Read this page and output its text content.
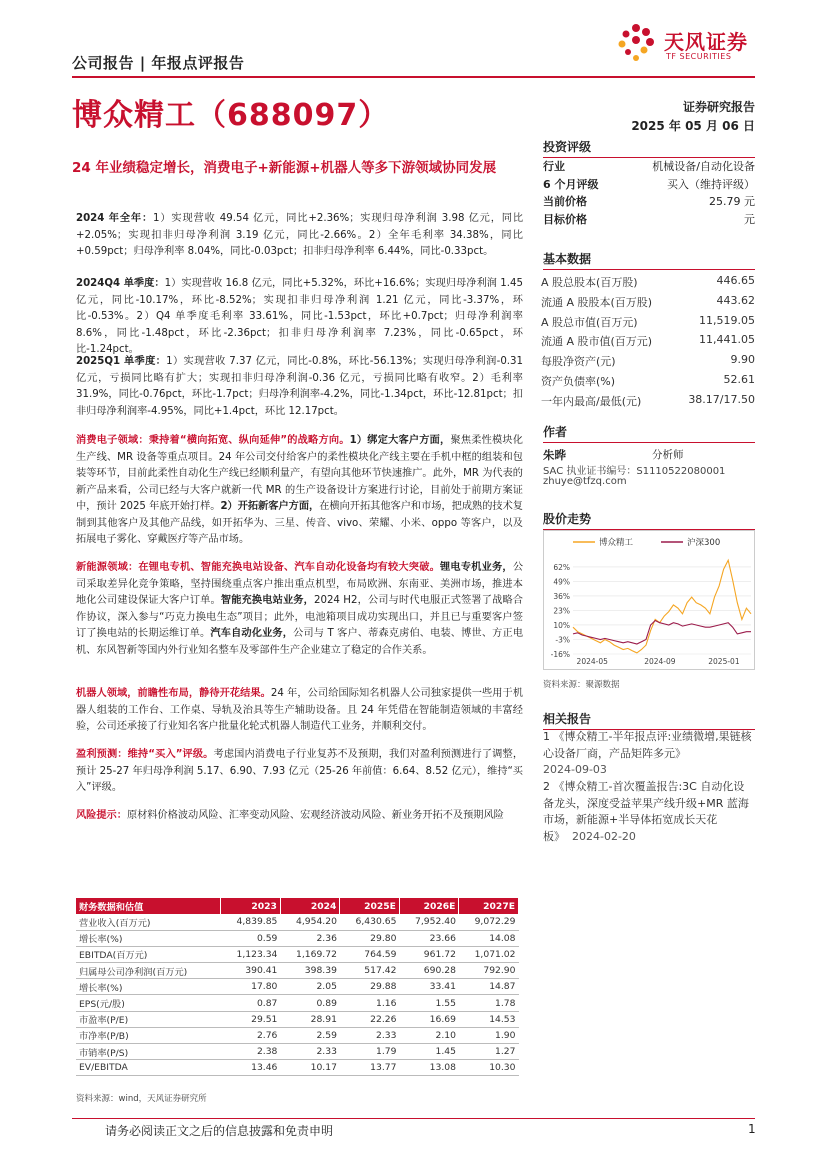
公司报告 | 年报点评报告
天风证券
TF SECURITIES
博众精工（688097）	证券研究报告
2025 年 05 月 06 日
24 年业绩稳定增长，消费电子+新能源+机器人等多下游领域协同发展
2024 年全年：1）实现营收 49.54 亿元，同比+2.36%；实现归母净利润 3.98 亿元，同比+2.05%；实现扣非归母净利润 3.19 亿元，同比-2.66%。2）全年毛利率 34.38%，同比+0.59pct；归母净利率 8.04%，同比-0.03pct；扣非归母净利率 6.44%，同比-0.33pct。
2024Q4 单季度：1）实现营收 16.8 亿元，同比+5.32%，环比+16.6%；实现归母净利润 1.45 亿元，同比-10.17%，环比-8.52%；实现扣非归母净利润 1.21 亿元，同比-3.37%，环比-0.53%。2）Q4 单季度毛利率 33.61%，同比-1.53pct，环比+0.7pct；归母净利润率 8.6%，同比-1.48pct，环比-2.36pct；扣非归母净利润率 7.23%，同比-0.65pct，环比-1.24pct。
2025Q1 单季度：1）实现营收 7.37 亿元，同比-0.8%，环比-56.13%；实现归母净利润-0.31 亿元，亏损同比略有扩大；实现扣非归母净利润-0.36 亿元，亏损同比略有收窄。2）毛利率 31.9%，同比-0.76pct，环比-1.7pct；归母净利润率-4.2%，同比-1.34pct，环比-12.81pct；扣非归母净利润率-4.95%，同比+1.4pct，环比 12.17pct。
消费电子领域：秉持着“横向拓宽、纵向延伸”的战略方向。1）绑定大客户方面，聚焦柔性模块化生产线、MR 设备等重点项目。24 年公司交付给客户的柔性模块化产线主要在手机中框的组装和包装等环节，目前此柔性自动化生产线已经顺利量产，有望向其他环节快速推广。此外，MR 为代表的新产品来看，公司已经与大客户就新一代 MR 的生产设备设计方案进行讨论，目前处于前期方案证中，预计 2025 年底开始打样。2）开拓新客户方面，在横向开拓其他客户和市场，把成熟的技术复制到其他客户及其他产品线，如开拓华为、三星、传音、vivo、荣耀、小米、oppo 等客户，以及拓展电子雾化、穿戴医疗等产品市场。
新能源领域：在锂电专机、智能充换电站设备、汽车自动化设备均有较大突破。锂电专机业务，公司采取差异化竞争策略，坚持围绕重点客户推出重点机型，布局欧洲、东南亚、美洲市场，推进本地化公司建设保证大客户订单。智能充换电站业务，2024 H2，公司与时代电服正式签署了战略合作协议，深入参与“巧克力换电生态”项目；此外，电池箱项目成功实现出口，并且已与重要客户签订了换电站的长期运维订单。汽车自动化业务，公司与 T 客户、蒂森克虏伯、电装、博世、方正电机、东风智新等国内外行业知名整车及零部件生产企业建立了稳定的合作关系。
机器人领域，前瞻性布局，静待开花结果。24 年，公司给国际知名机器人公司独家提供一些用于机器人组装的工作台、工作桌、导轨及治具等生产辅助设备。且 24 年凭借在智能制造领域的丰富经验，公司还承接了行业知名客户批量化轮式机器人制造代工业务，并顺利交付。
盈利预测：维持“买入”评级。考虑国内消费电子行业复苏不及预期，我们对盈利预测进行了调整，预计 25-27 年归母净利润 5.17、6.90、7.93 亿元（25-26 年前值：6.64、8.52 亿元），维持“买入”评级。
风险提示：原材料价格波动风险、汇率变动风险、宏观经济波动风险、新业务开拓不及预期风险
投资评级
行业	机械设备/自动化设备
6 个月评级	买入（维持评级）
当前价格	25.79 元
目标价格	元
基本数据
A 股总股本(百万股)	446.65
流通 A 股股本(百万股)	443.62
A 股总市值(百万元)	11,519.05
流通 A 股市值(百万元)	11,441.05
每股净资产(元)	9.90
资产负债率(%)	52.61
一年内最高/最低(元)	38.17/17.50
作者
朱晔	分析师
SAC 执业证书编号：S1110522080001
zhuye@tfzq.com
股价走势
博众精工	沪深300
62%
49%
36%
23%
10%
-3%
-16%
2024-05	2024-09	2025-01
资料来源：聚源数据
相关报告
1 《博众精工-半年报点评:业绩微增,果链核心设备厂商，产品矩阵多元》
2024-09-03
2 《博众精工-首次覆盖报告:3C 自动化设备龙头，深度受益苹果产线升级+MR 蓝海市场，新能源+半导体拓宽成长天花板》 2024-02-20
财务数据和估值	2023	2024	2025E	2026E	2027E
营业收入(百万元)	4,839.85	4,954.20	6,430.65	7,952.40	9,072.29
增长率(%)	0.59	2.36	29.80	23.66	14.08
EBITDA(百万元)	1,123.34	1,169.72	764.59	961.72	1,071.02
归属母公司净利润(百万元)	390.41	398.39	517.42	690.28	792.90
增长率(%)	17.80	2.05	29.88	33.41	14.87
EPS(元/股)	0.87	0.89	1.16	1.55	1.78
市盈率(P/E)	29.51	28.91	22.26	16.69	14.53
市净率(P/B)	2.76	2.59	2.33	2.10	1.90
市销率(P/S)	2.38	2.33	1.79	1.45	1.27
EV/EBITDA	13.46	10.17	13.77	13.08	10.30
资料来源：wind，天风证券研究所
请务必阅读正文之后的信息披露和免责申明	1
